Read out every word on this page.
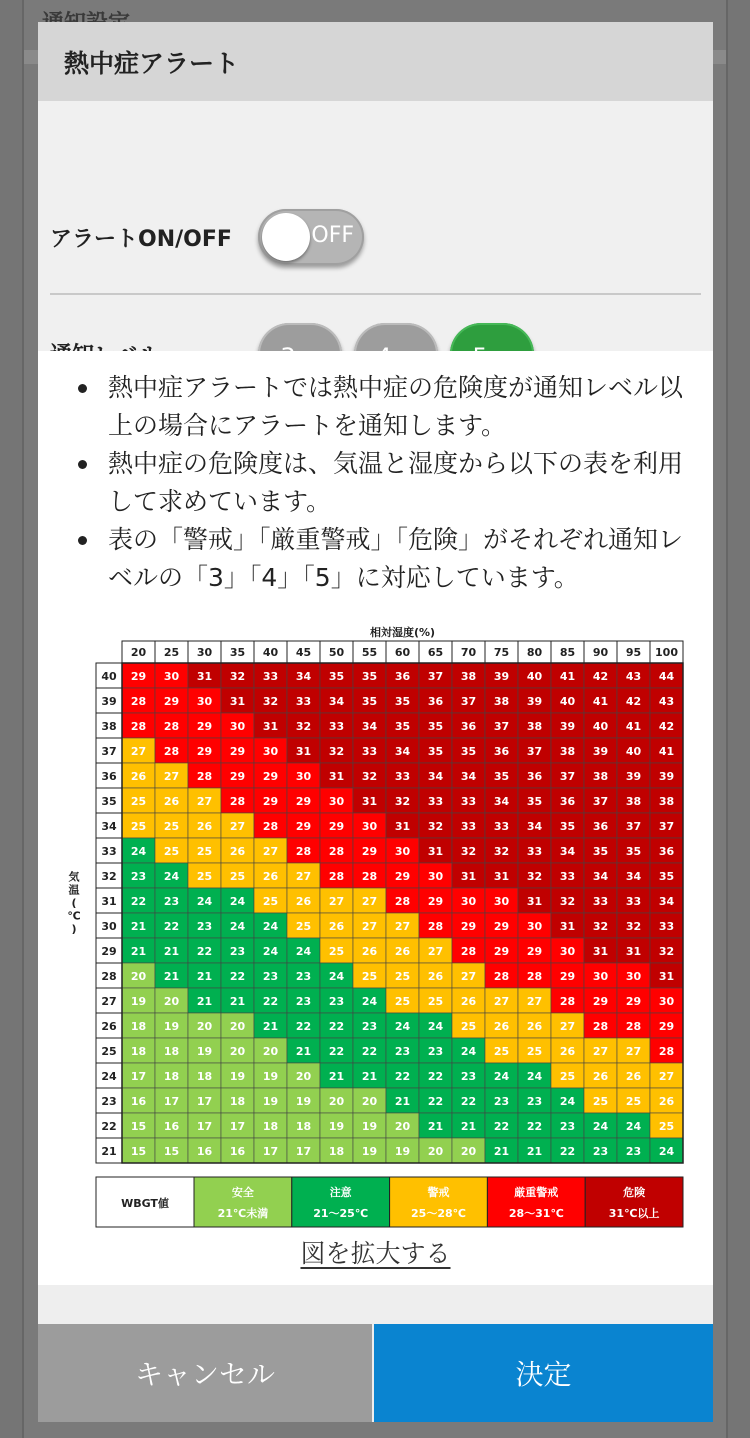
熱中症アラート
アラートON/OFF	OFF
熱中症アラートでは熱中症の危険度が通知レベル以上の場合にアラートを通知します。
熱中症の危険度は、気温と湿度から以下の表を利用して求めています。
表の「警戒」「厳重警戒」「危険」がそれぞれ通知レベルの「3」「4」「5」に対応しています。
相対湿度(%)
20 25 30 35 40 45 50 55 60 65 70 75 80 85 90 95 100
40 29 30 31 32 33 34 35 35 36 37 38 39 40 41 42 43 44
39 28 29 30 31 32 33 34 35 35 36 37 38 39 40 41 42 43
38 28 28 29 30 31 32 33 34 35 35 36 37 38 39 40 41 42
37 27 28 29 29 30 31 32 33 34 35 35 36 37 38 39 40 41
36 26 27 28 29 29 30 31 32 33 34 34 35 36 37 38 39 39
35 25 26 27 28 29 29 30 31 32 33 33 34 35 36 37 38 38
34 25 25 26 27 28 29 29 30 31 32 33 33 34 35 36 37 37
33 24 25 25 26 27 28 28 29 30 31 32 32 33 34 35 35 36
32 23 24 25 25 26 27 28 28 29 30 31 31 32 33 34 34 35
31 22 23 24 24 25 26 27 27 28 29 30 30 31 32 33 33 34
30 21 22 23 24 24 25 26 27 27 28 29 29 30 31 32 32 33
29 21 21 22 23 24 24 25 26 26 27 28 29 29 30 31 31 32
28 20 21 21 22 23 23 24 25 25 26 27 28 28 29 30 30 31
27 19 20 21 21 22 23 23 24 25 25 26 27 27 28 29 29 30
26 18 19 20 20 21 22 22 23 24 24 25 26 26 27 28 28 29
25 18 18 19 20 20 21 22 22 23 23 24 25 25 26 27 27 28
24 17 18 18 19 19 20 21 21 22 22 23 24 24 25 26 26 27
23 16 17 17 18 19 19 20 20 21 22 22 23 23 24 25 25 26
22 15 16 17 17 18 18 19 19 20 21 21 22 22 23 24 24 25
21 15 15 16 16 17 17 18 19 19 20 20 21 21 22 23 23 24
気
温
(
℃
)
WBGT値
安全
21℃未満
注意
21〜25℃
警戒
25〜28℃
厳重警戒
28〜31℃
危険
31℃以上
図を拡大する
キャンセル	決定
